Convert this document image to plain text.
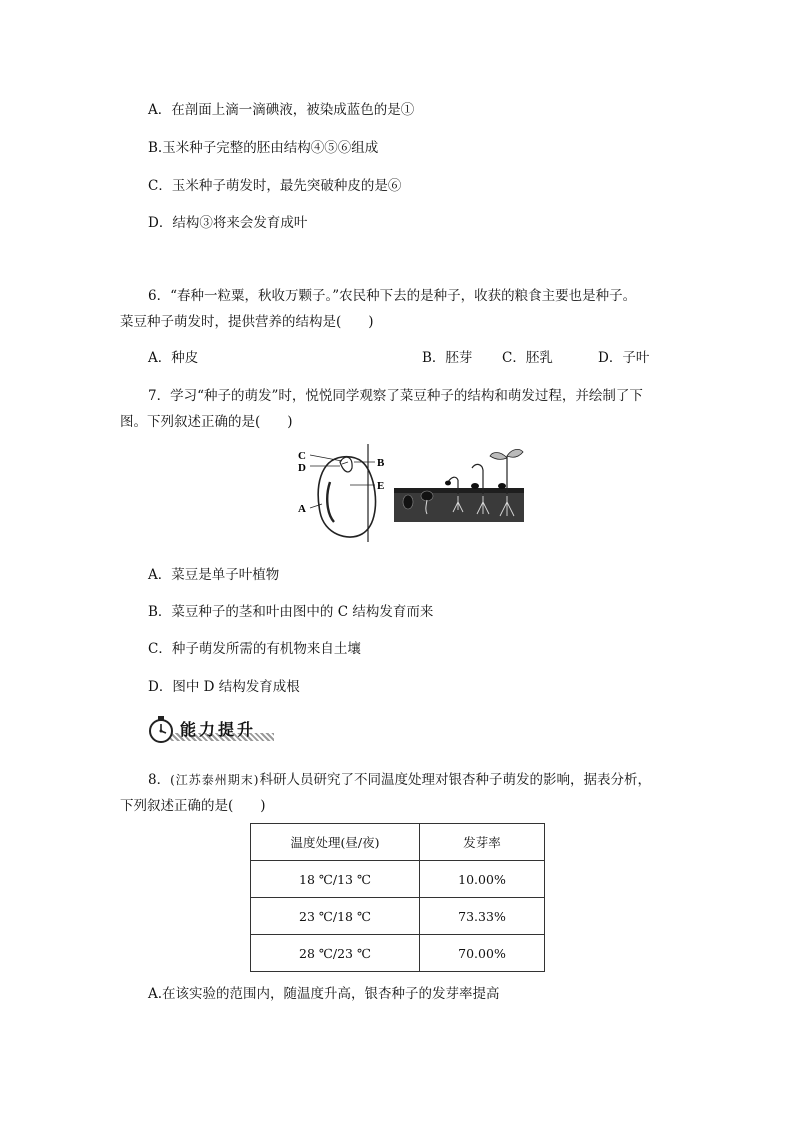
A．在剖面上滴一滴碘液，被染成蓝色的是①
B.玉米种子完整的胚由结构④⑤⑥组成
C．玉米种子萌发时，最先突破种皮的是⑥
D．结构③将来会发育成叶
6．“春种一粒粟，秋收万颗子。”农民种下去的是种子，收获的粮食主要也是种子。
菜豆种子萌发时，提供营养的结构是(　　)
A．种皮	B．胚芽 C．胚乳	D．子叶
7．学习“种子的萌发”时，悦悦同学观察了菜豆种子的结构和萌发过程，并绘制了下
图。下列叙述正确的是(　　)
C
D
A
B
E
A．菜豆是单子叶植物
B．菜豆种子的茎和叶由图中的 C 结构发育而来
C．种子萌发所需的有机物来自土壤
D．图中 D 结构发育成根
能力提升
8．(江苏泰州期末)科研人员研究了不同温度处理对银杏种子萌发的影响，据表分析，
下列叙述正确的是(　　)
温度处理(昼/夜)	发芽率
18 ℃/13 ℃	10.00%
23 ℃/18 ℃	73.33%
28 ℃/23 ℃	70.00%
A.在该实验的范围内，随温度升高，银杏种子的发芽率提高
